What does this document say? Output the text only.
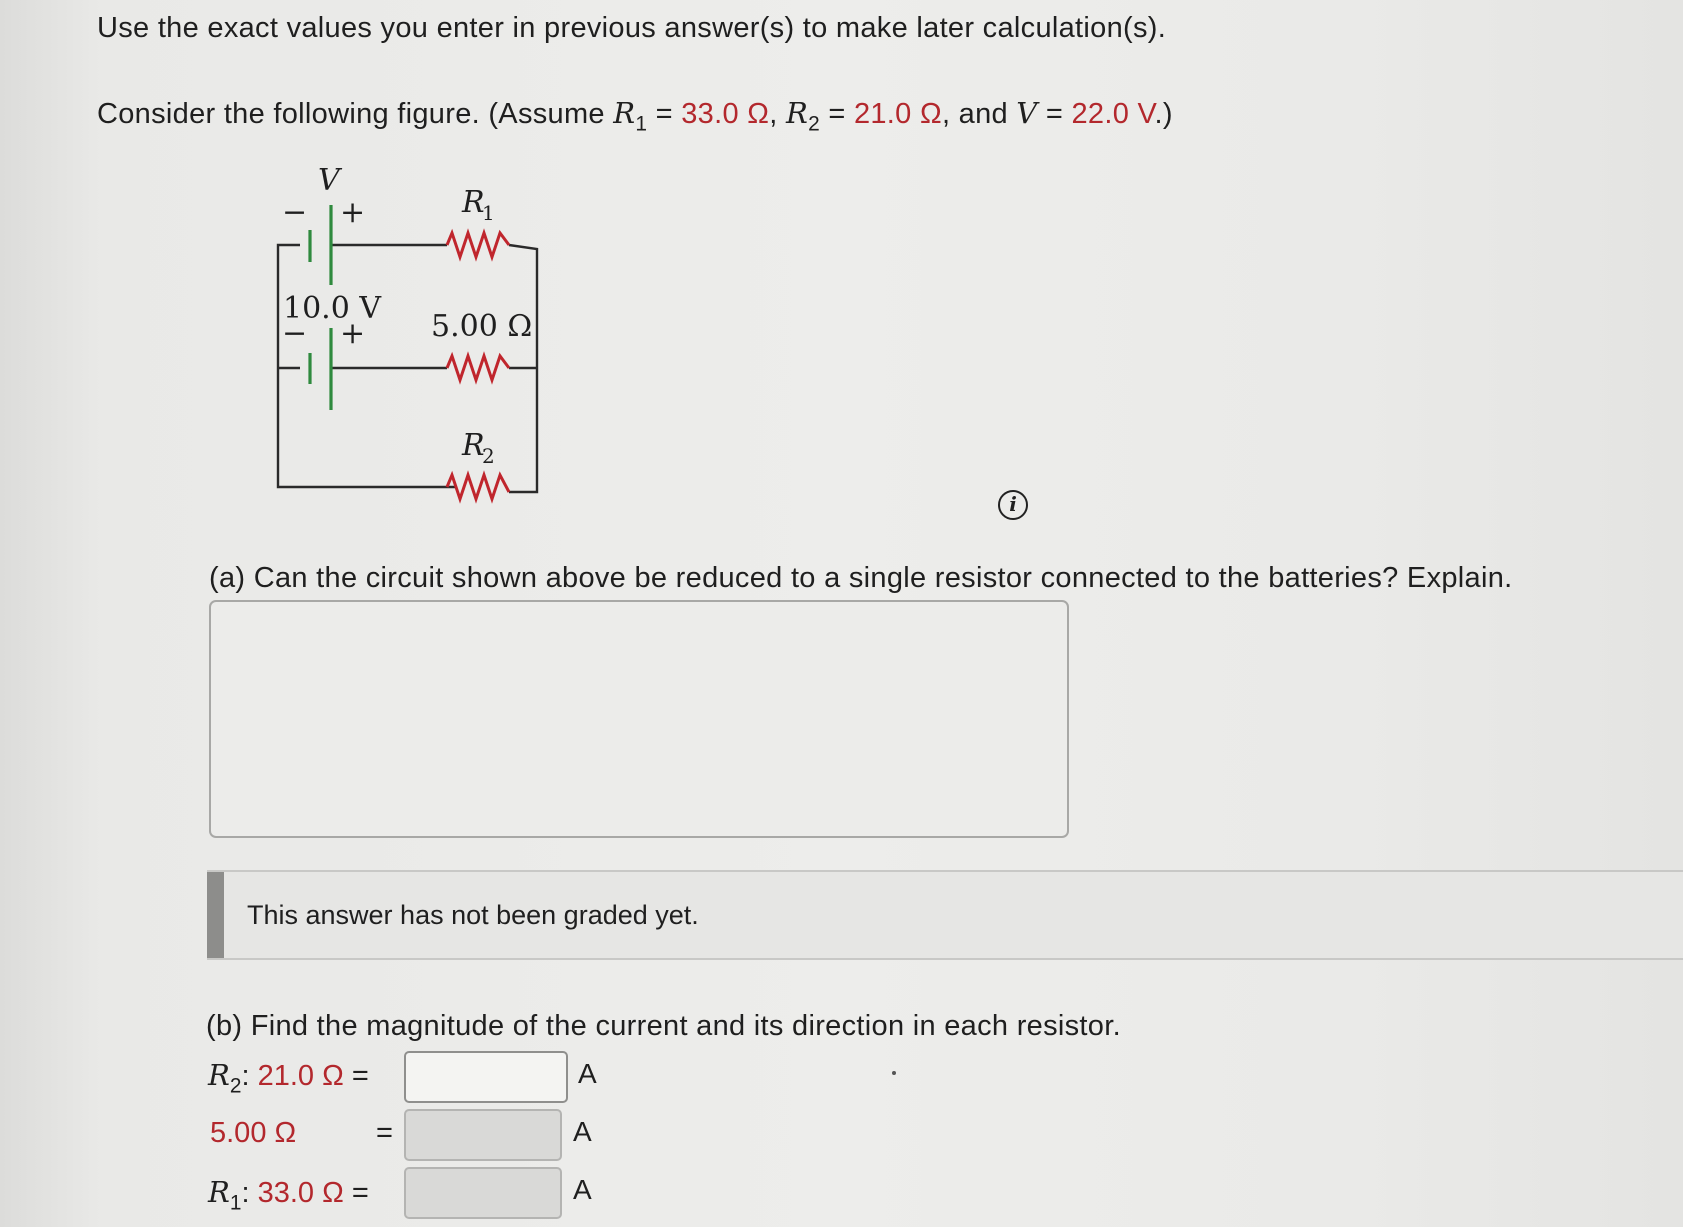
Use the exact values you enter in previous answer(s) to make later calculation(s).
Consider the following figure. (Assume $R_1 = 33.0$ Ω, $R_2 = 21.0$ Ω, and V = 22.0 V.)
V
− +	R
1
10.0 V
− + 5.00 Ω
R
2
i
(a) Can the circuit shown above be reduced to a single resistor connected to the batteries? Explain.
This answer has not been graded yet.
(b) Find the magnitude of the current and its direction in each resistor.
$R_2$: 21.0 Ω =	A
5.00 Ω	=	A
$R_1$: 33.0 Ω =	A
